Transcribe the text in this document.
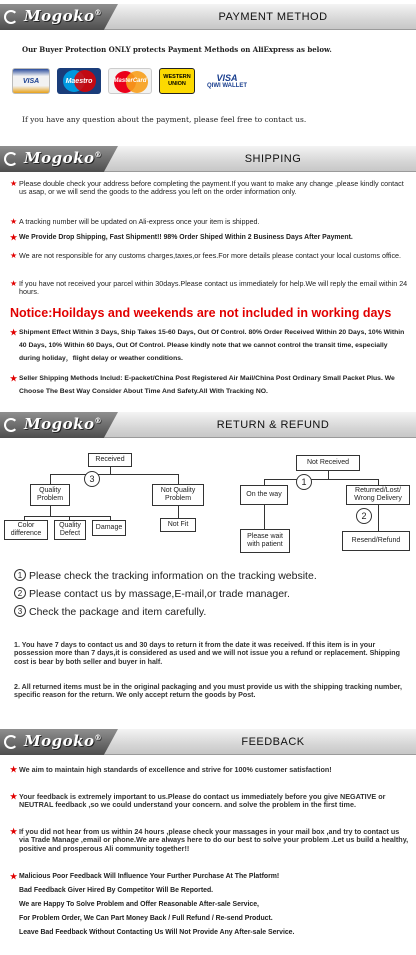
Mogoko®	PAYMENT METHOD
Our Buyer Protection ONLY protects Payment Methods on AliExpress as below.
VISA	Maestro	MasterCard
WESTERN
UNION
VISA
QIWI WALLET
If you have any question about the payment, please feel free to contact us.
Mogoko®	SHIPPING
★ Please double check your address before completing the payment.If you want to make any change ,please kindly contact us asap, or we will send the goods to the address you left on the order information only.
★ A tracking number will be updated on Ali-express once your item is shipped.
★ We Provide Drop Shipping, Fast Shipment!! 98% Order Shiped Within 2 Business Days After Payment.
★ We are not responsible for any customs charges,taxes,or fees.For more details please contact your local customs office.
★ If you have not received your parcel within 30days.Please contact us immediately for help.We will reply the email within 24 hours.
Notice:Hoildays and weekends are not included in working days
★ Shipment Effect Within 3 Days, Ship Takes 15-60 Days, Out Of Control. 80% Order Received Within 20 Days, 10% Within 40 Days, 10% Within 60 Days, Out Of Control. Please kindly note that we cannot control the transit time, especially during holiday，flight delay or weather conditions.
★ Seller Shipping Methods Includ: E-packet/China Post Registered Air Mail/China Post Ordinary Small Packet Plus. We Choose The Best Way Consider About Time And Safety.All With Tracking NO.
Mogoko®	RETURN & REFUND
Received
3
Quality Problem
Not Quality Problem
Color difference
Quality Defect
Damage	Not Fit
Not Received
1
On the way
Returned/Lost/ Wrong Delivery
2
Please wait with patient
Resend/Refund
1 Please check the tracking information on the tracking website.
2 Please contact us by massage,E-mail,or trade manager.
3 Check the package and item carefully.
1. You have 7 days to contact us and 30 days to return it from the date it was received. If this item is in your possession more than 7 days,it is considered as used and we will not issue you a refund or replacement. Shipping cost is bear by both seller and buyer in half.
2. All returned items must be in the original packaging and you must provide us with the shipping tracking number, specific reason for the return. We only accept return the goods by Post.
Mogoko®	FEEDBACK
★ We aim to maintain high standards of excellence and strive for 100% customer satisfaction!
★ Your feedback is extremely important to us.Please do contact us immediately before you give NEGATIVE or NEUTRAL feedback ,so we could understand your concern. and solve the problem in the first time.
★ If you did not hear from us within 24 hours ,please check your massages in your mail box ,and try to contact us via Trade Manage ,email or phone.We are always here to do our best to solve your problem .Let us build a healthy, positive and prosperous Ali community together!!
★ Malicious Poor Feedback Will Influence Your Further Purchase At The Platform!
Bad Feedback Giver Hired By Competitor Will Be Reported.
We are Happy To Solve Problem and Offer Reasonable After-sale Service,
For Problem Order, We Can Part Money Back / Full Refund / Re-send Product.
Leave Bad Feedback Without Contacting Us Will Not Provide Any After-sale Service.
